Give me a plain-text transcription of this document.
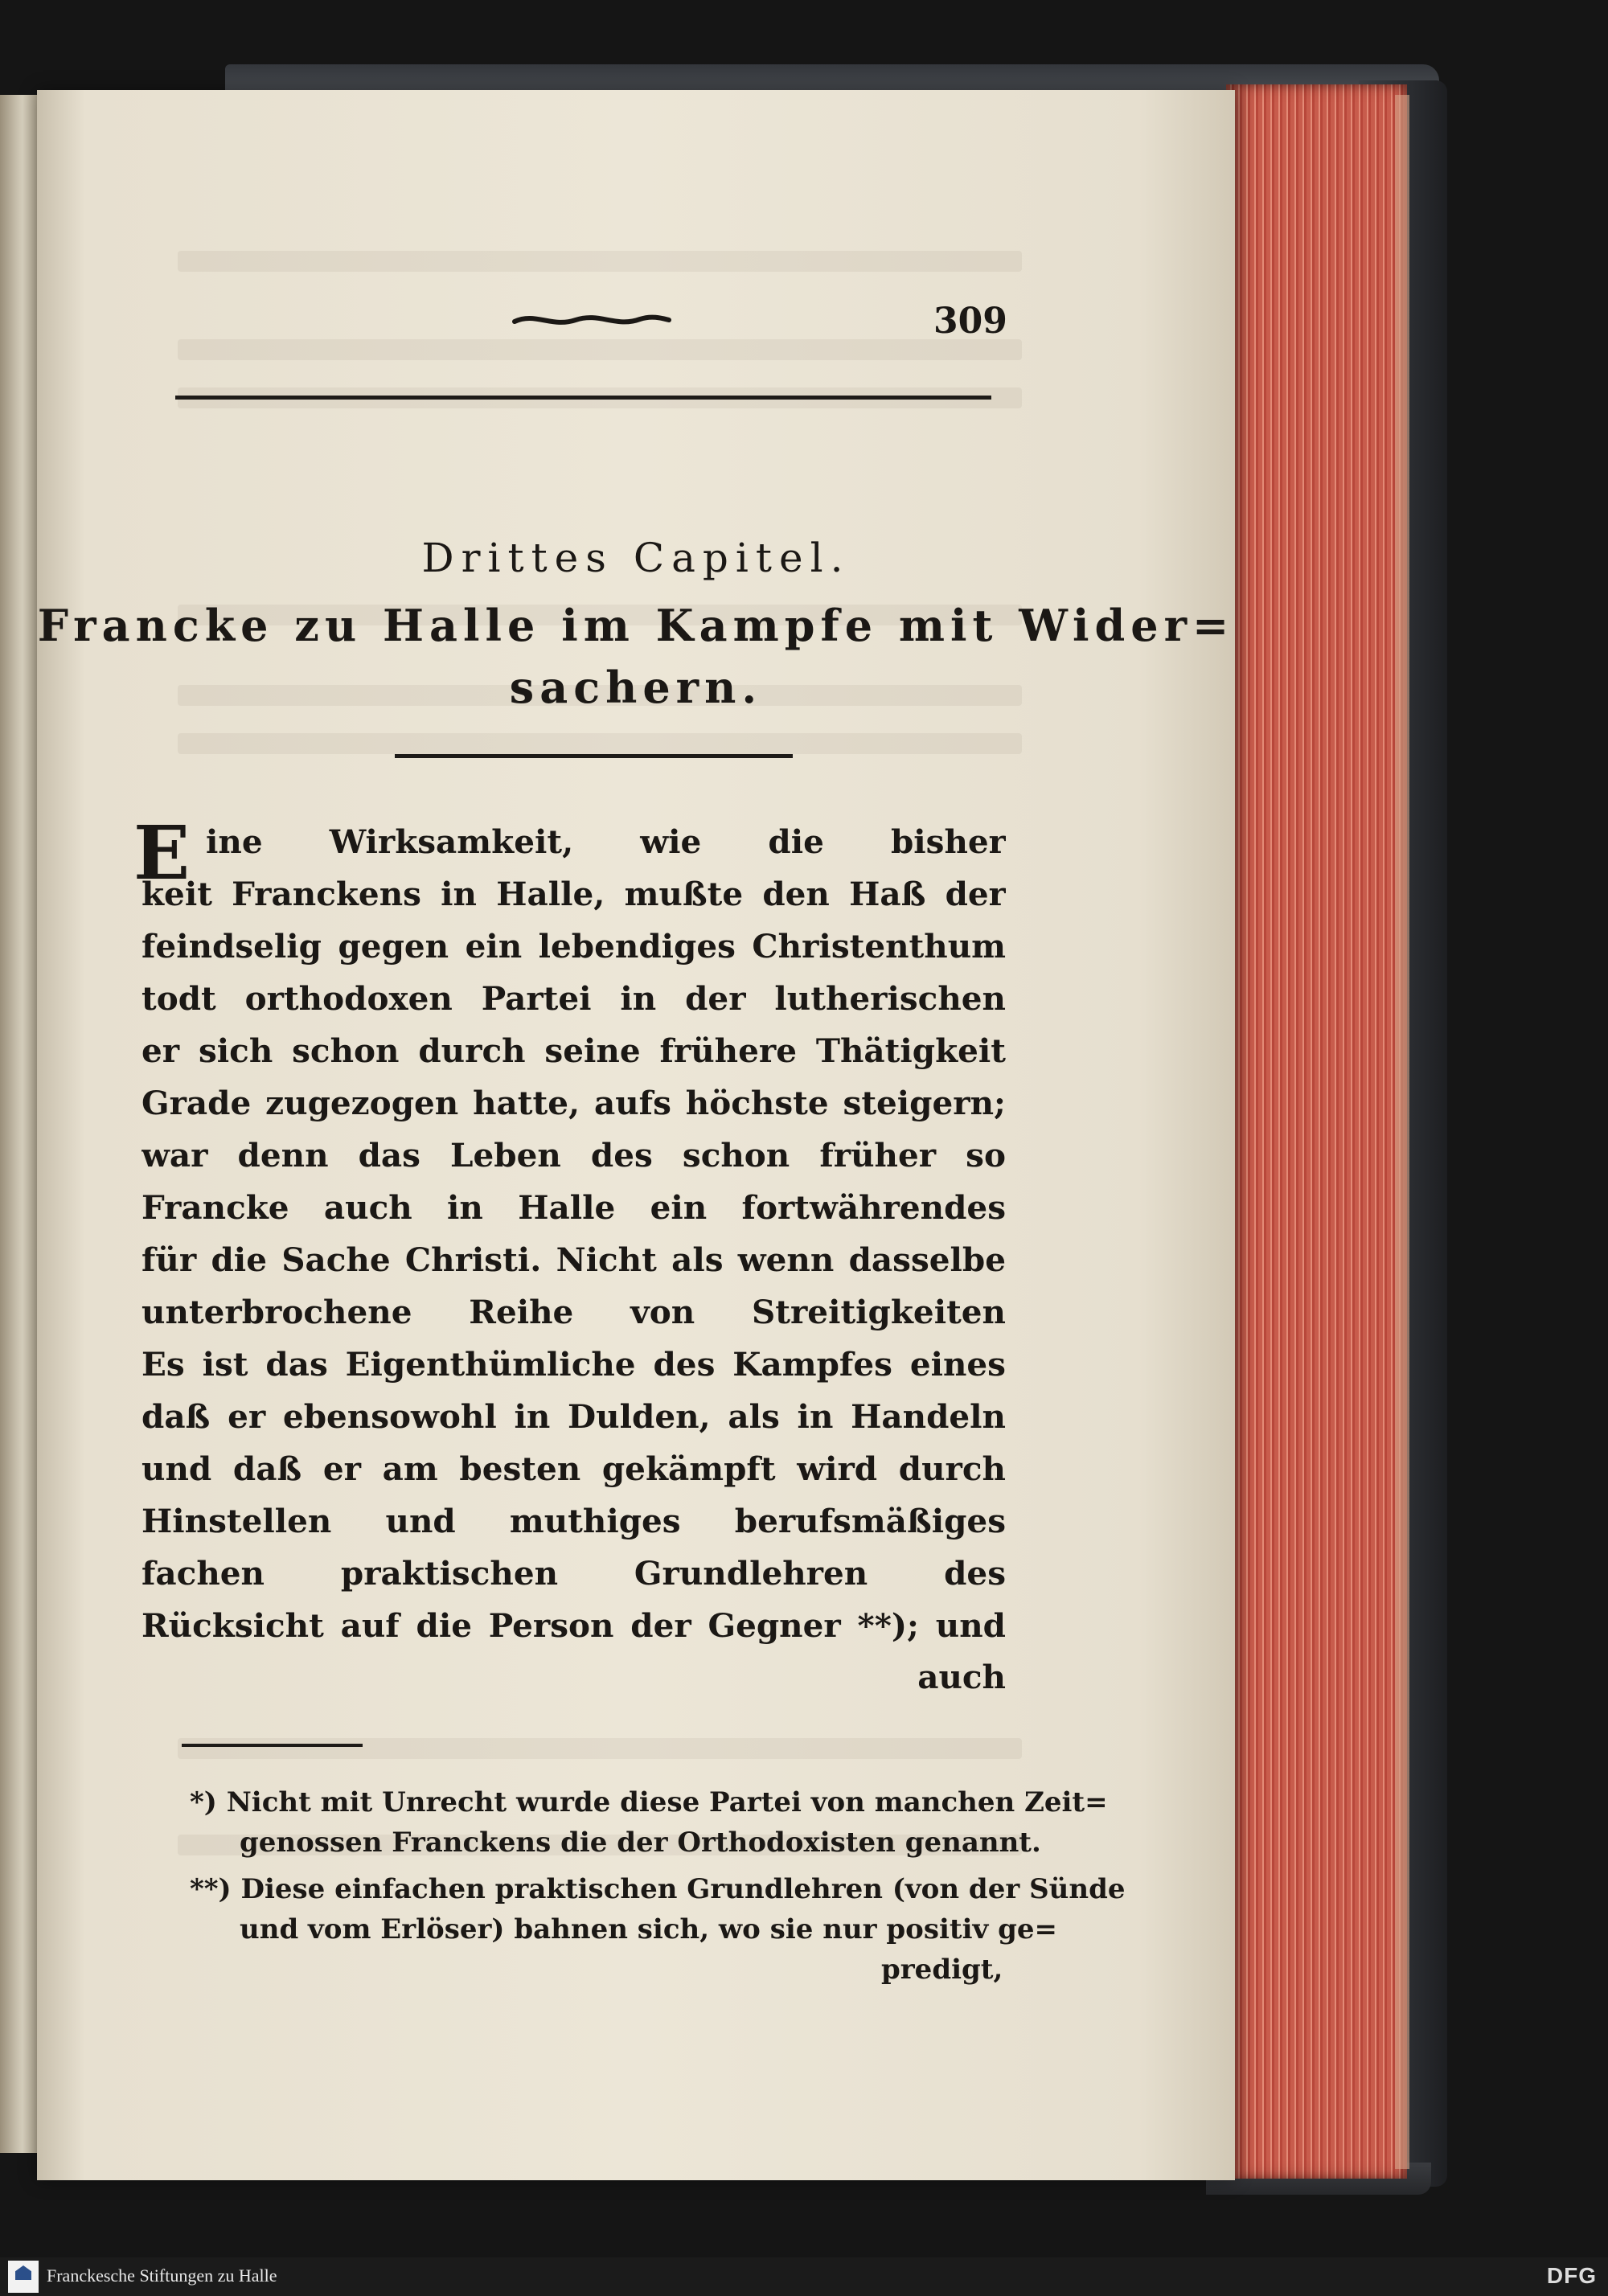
309
Drittes Capitel.
Francke zu Halle im Kampfe mit Wider=
sachern.
E ine Wirksamkeit, wie die bisher
keit Franckens in Halle, mußte den Haß der
feindselig gegen ein lebendiges Christenthum
todt orthodoxen Partei in der lutherischen
er sich schon durch seine frühere Thätigkeit
Grade zugezogen hatte, aufs höchste steigern;
war denn das Leben des schon früher so
Francke auch in Halle ein fortwährendes
für die Sache Christi. Nicht als wenn dasselbe
unterbrochene Reihe von Streitigkeiten
Es ist das Eigenthümliche des Kampfes eines
daß er ebensowohl in Dulden, als in Handeln
und daß er am besten gekämpft wird durch
Hinstellen und muthiges berufsmäßiges
fachen praktischen Grundlehren des
Rücksicht auf die Person der Gegner **); und
auch
*) Nicht mit Unrecht wurde diese Partei von manchen Zeit=
genossen Franckens die der Orthodoxisten genannt.
**) Diese einfachen praktischen Grundlehren (von der Sünde
und vom Erlöser) bahnen sich, wo sie nur positiv ge=
predigt,
Franckesche Stiftungen zu Halle	DFG
